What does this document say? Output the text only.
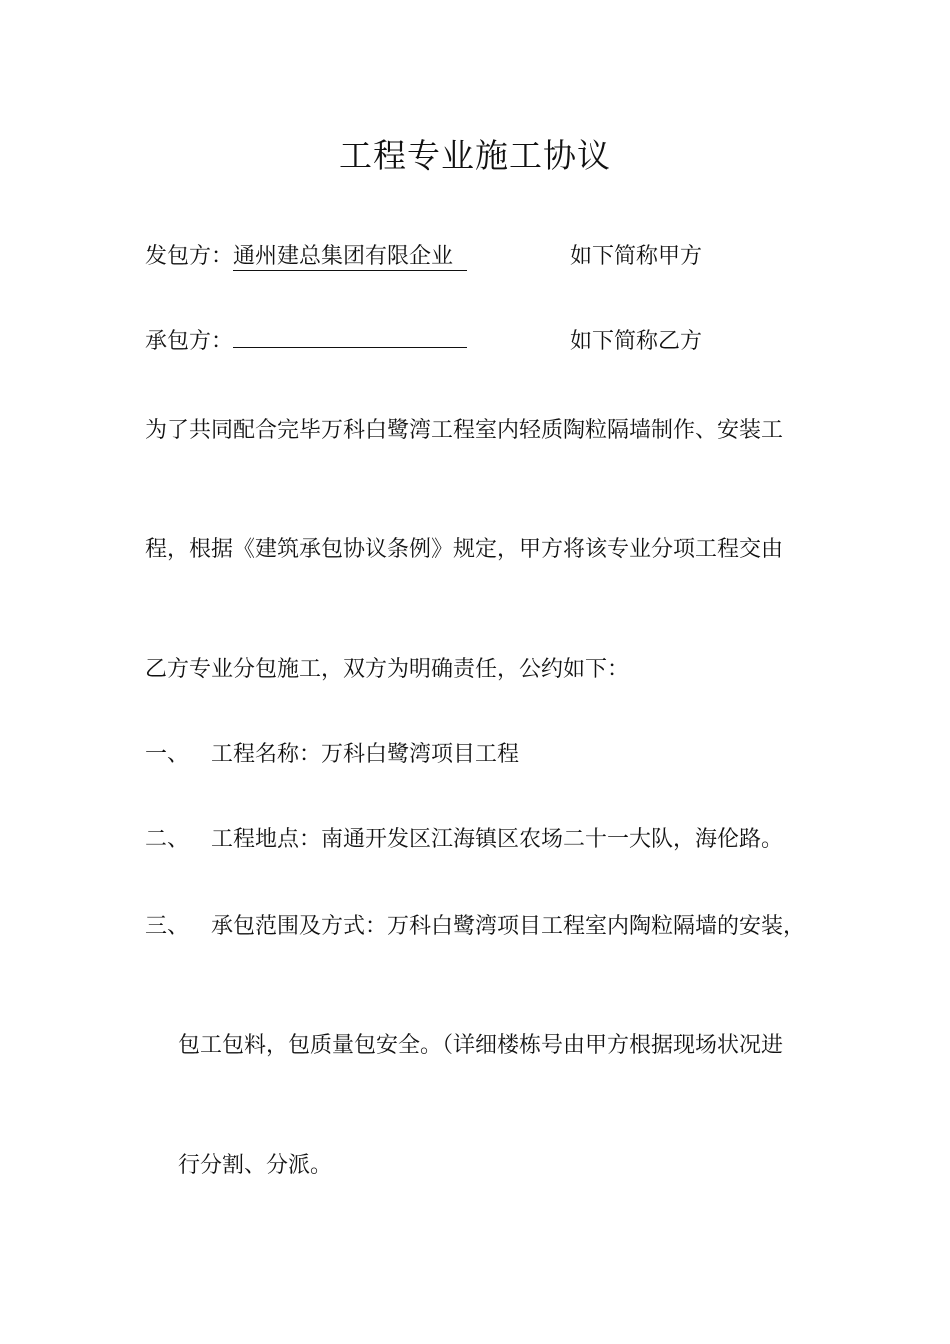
工程专业施工协议
发包方：通州建总集团有限企业	如下简称甲方
承包方：	如下简称乙方
为了共同配合完毕万科白鹭湾工程室内轻质陶粒隔墙制作、安装工
程，根据《建筑承包协议条例》规定，甲方将该专业分项工程交由
乙方专业分包施工，双方为明确责任，公约如下：
一、 工程名称：万科白鹭湾项目工程
二、 工程地点：南通开发区江海镇区农场二十一大队，海伦路。
三、 承包范围及方式：万科白鹭湾项目工程室内陶粒隔墙的安装，
包工包料，包质量包安全。（详细楼栋号由甲方根据现场状况进
行分割、分派。
